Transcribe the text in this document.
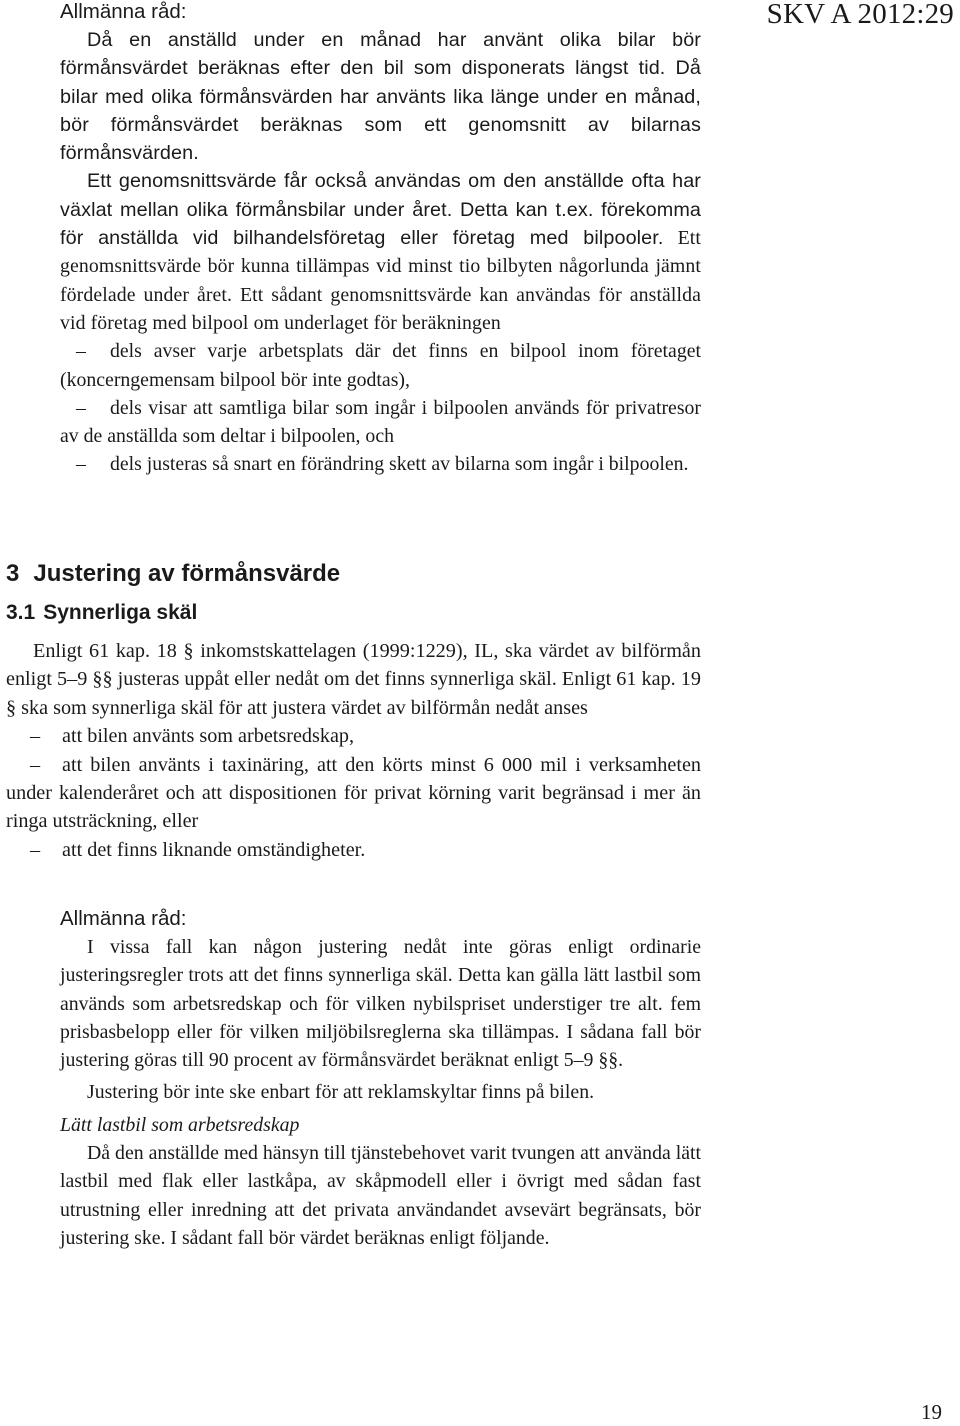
SKV A 2012:29

Allmänna råd:

Då en anställd under en månad har använt olika bilar bör förmånsvärdet beräknas efter den bil som disponerats längst tid. Då bilar med olika förmånsvärden har använts lika länge under en månad, bör förmånsvärdet beräknas som ett genomsnitt av bilarnas förmånsvärden.

Ett genomsnittsvärde får också användas om den anställde ofta har växlat mellan olika förmånsbilar under året. Detta kan t.ex. förekomma för anställda vid bilhandelsföretag eller företag med bilpooler. Ett genomsnittsvärde bör kunna tillämpas vid minst tio bilbyten någorlunda jämnt fördelade under året. Ett sådant genomsnittsvärde kan användas för anställda vid företag med bilpool om underlaget för beräkningen

– dels avser varje arbetsplats där det finns en bilpool inom företaget (koncerngemensam bilpool bör inte godtas),

– dels visar att samtliga bilar som ingår i bilpoolen används för privatresor av de anställda som deltar i bilpoolen, och

– dels justeras så snart en förändring skett av bilarna som ingår i bilpoolen.

3 Justering av förmånsvärde
3.1 Synnerliga skäl

Enligt 61 kap. 18 § inkomstskattelagen (1999:1229), IL, ska värdet av bilförmån enligt 5–9 §§ justeras uppåt eller nedåt om det finns synnerliga skäl. Enligt 61 kap. 19 § ska som synnerliga skäl för att justera värdet av bilförmån nedåt anses

– att bilen använts som arbetsredskap,

– att bilen använts i taxinäring, att den körts minst 6 000 mil i verksamheten under kalenderåret och att dispositionen för privat körning varit begränsad i mer än ringa utsträckning, eller

– att det finns liknande omständigheter.

Allmänna råd:

I vissa fall kan någon justering nedåt inte göras enligt ordinarie justeringsregler trots att det finns synnerliga skäl. Detta kan gälla lätt lastbil som används som arbetsredskap och för vilken nybilspriset understiger tre alt. fem prisbasbelopp eller för vilken miljöbilsreglerna ska tillämpas. I sådana fall bör justering göras till 90 procent av förmånsvärdet beräknat enligt 5–9 §§.

Justering bör inte ske enbart för att reklamskyltar finns på bilen.

Lätt lastbil som arbetsredskap

Då den anställde med hänsyn till tjänstebehovet varit tvungen att använda lätt lastbil med flak eller lastkåpa, av skåpmodell eller i övrigt med sådan fast utrustning eller inredning att det privata användandet avsevärt begränsats, bör justering ske. I sådant fall bör värdet beräknas enligt följande.

19
